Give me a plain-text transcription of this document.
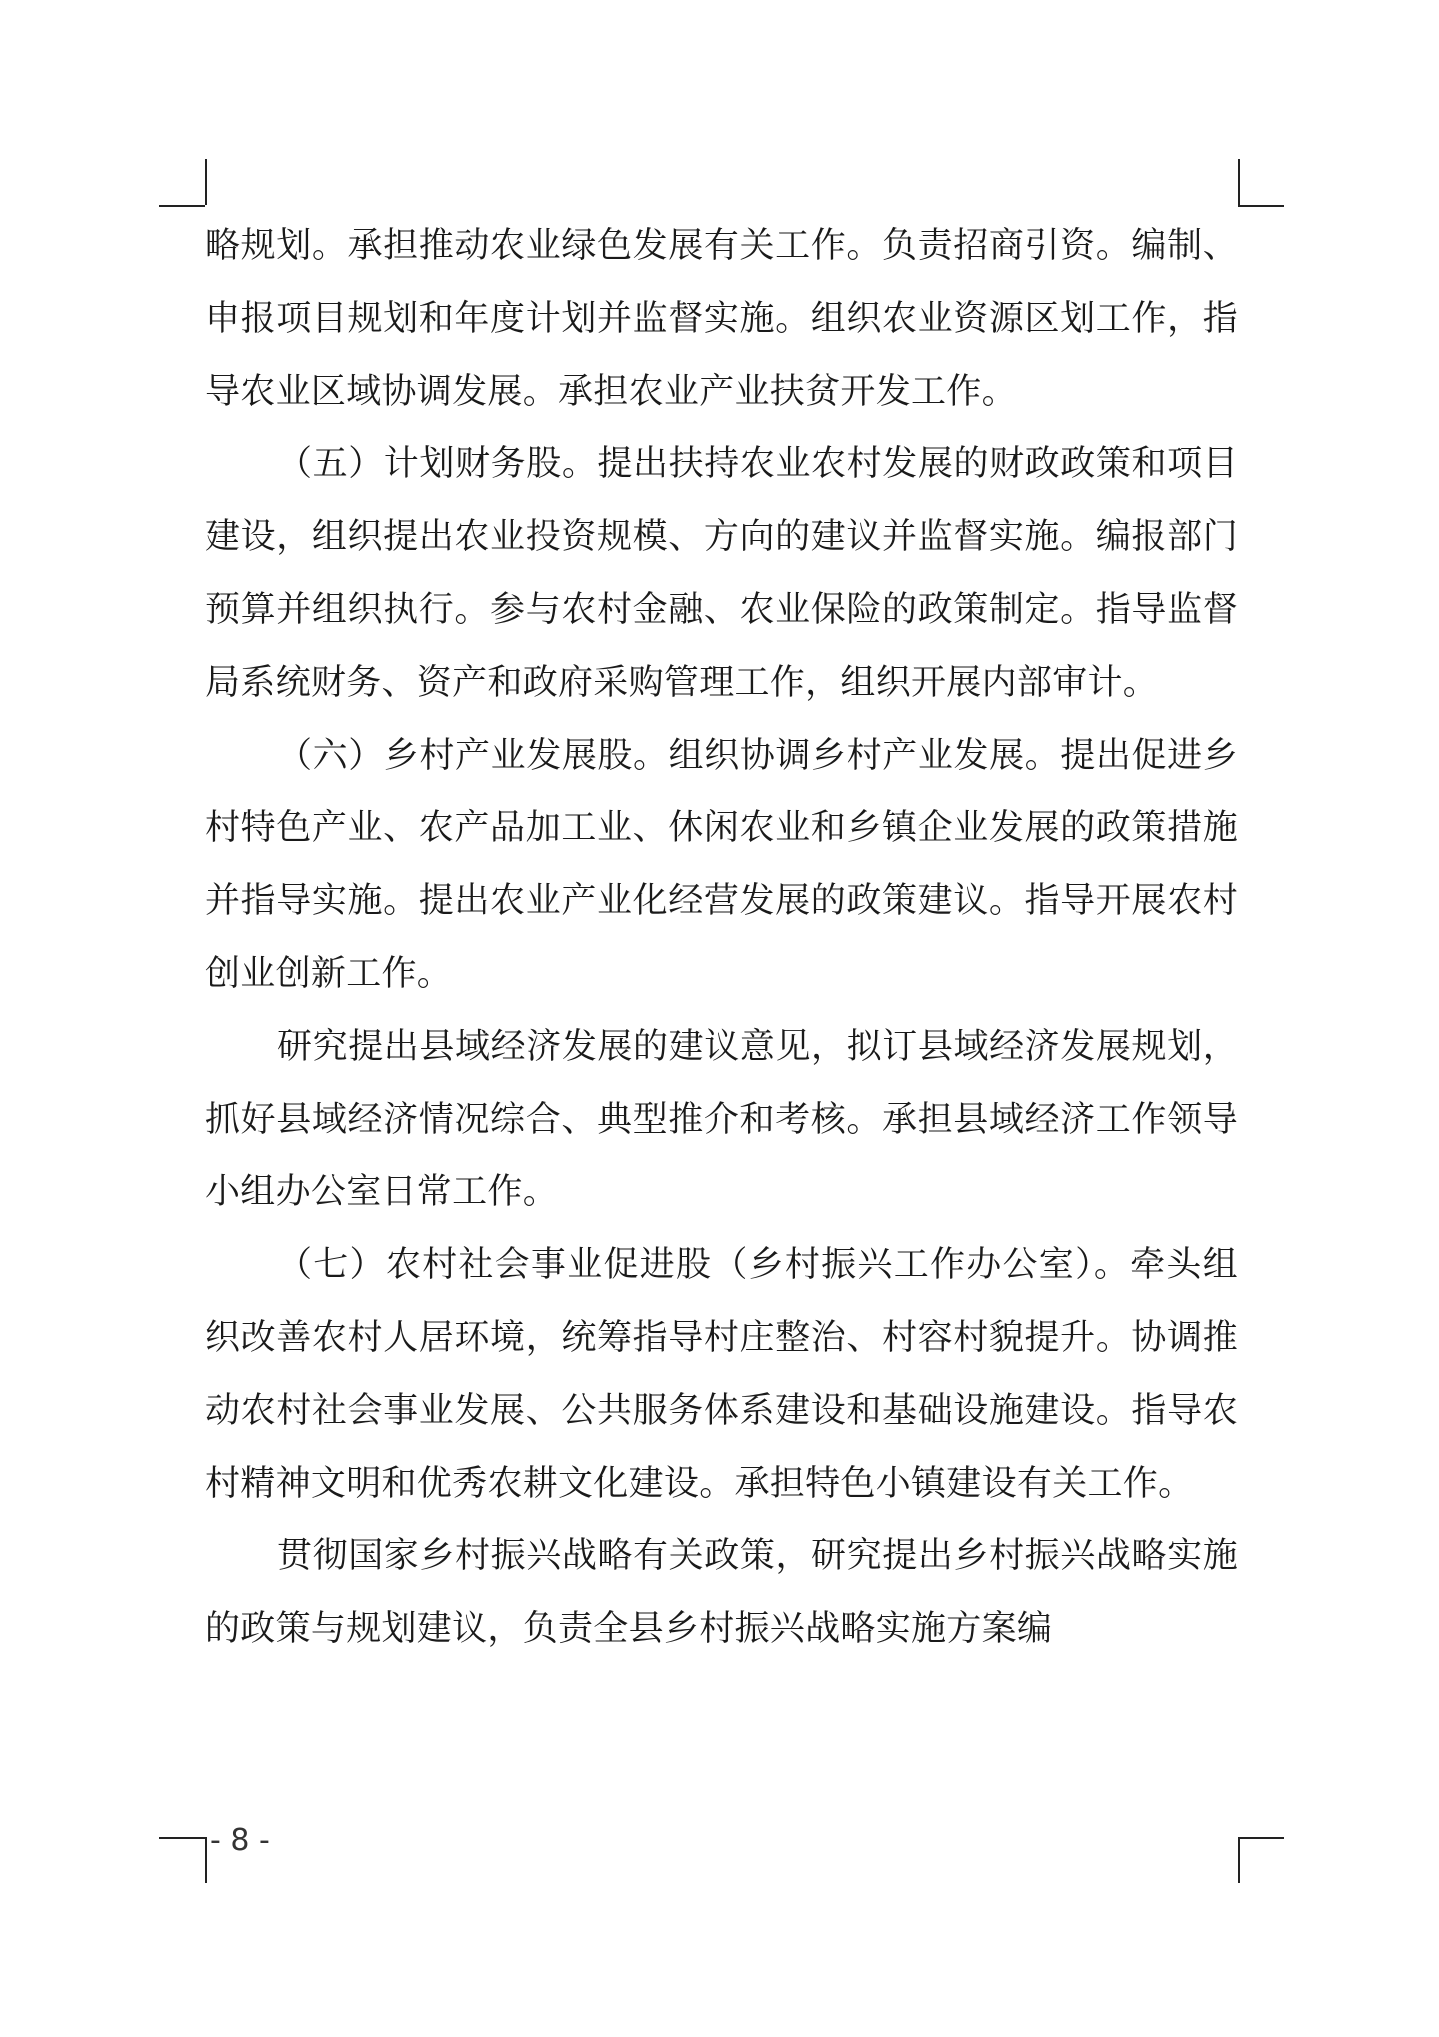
略规划。承担推动农业绿色发展有关工作。负责招商引资。编制、申报项目规划和年度计划并监督实施。组织农业资源区划工作，指导农业区域协调发展。承担农业产业扶贫开发工作。

（五）计划财务股。提出扶持农业农村发展的财政政策和项目建设，组织提出农业投资规模、方向的建议并监督实施。编报部门预算并组织执行。参与农村金融、农业保险的政策制定。指导监督局系统财务、资产和政府采购管理工作，组织开展内部审计。

（六）乡村产业发展股。组织协调乡村产业发展。提出促进乡村特色产业、农产品加工业、休闲农业和乡镇企业发展的政策措施并指导实施。提出农业产业化经营发展的政策建议。指导开展农村创业创新工作。

研究提出县域经济发展的建议意见，拟订县域经济发展规划，抓好县域经济情况综合、典型推介和考核。承担县域经济工作领导小组办公室日常工作。

（七）农村社会事业促进股（乡村振兴工作办公室）。牵头组织改善农村人居环境，统筹指导村庄整治、村容村貌提升。协调推动农村社会事业发展、公共服务体系建设和基础设施建设。指导农村精神文明和优秀农耕文化建设。承担特色小镇建设有关工作。

贯彻国家乡村振兴战略有关政策，研究提出乡村振兴战略实施的政策与规划建议，负责全县乡村振兴战略实施方案编

- 8 -
